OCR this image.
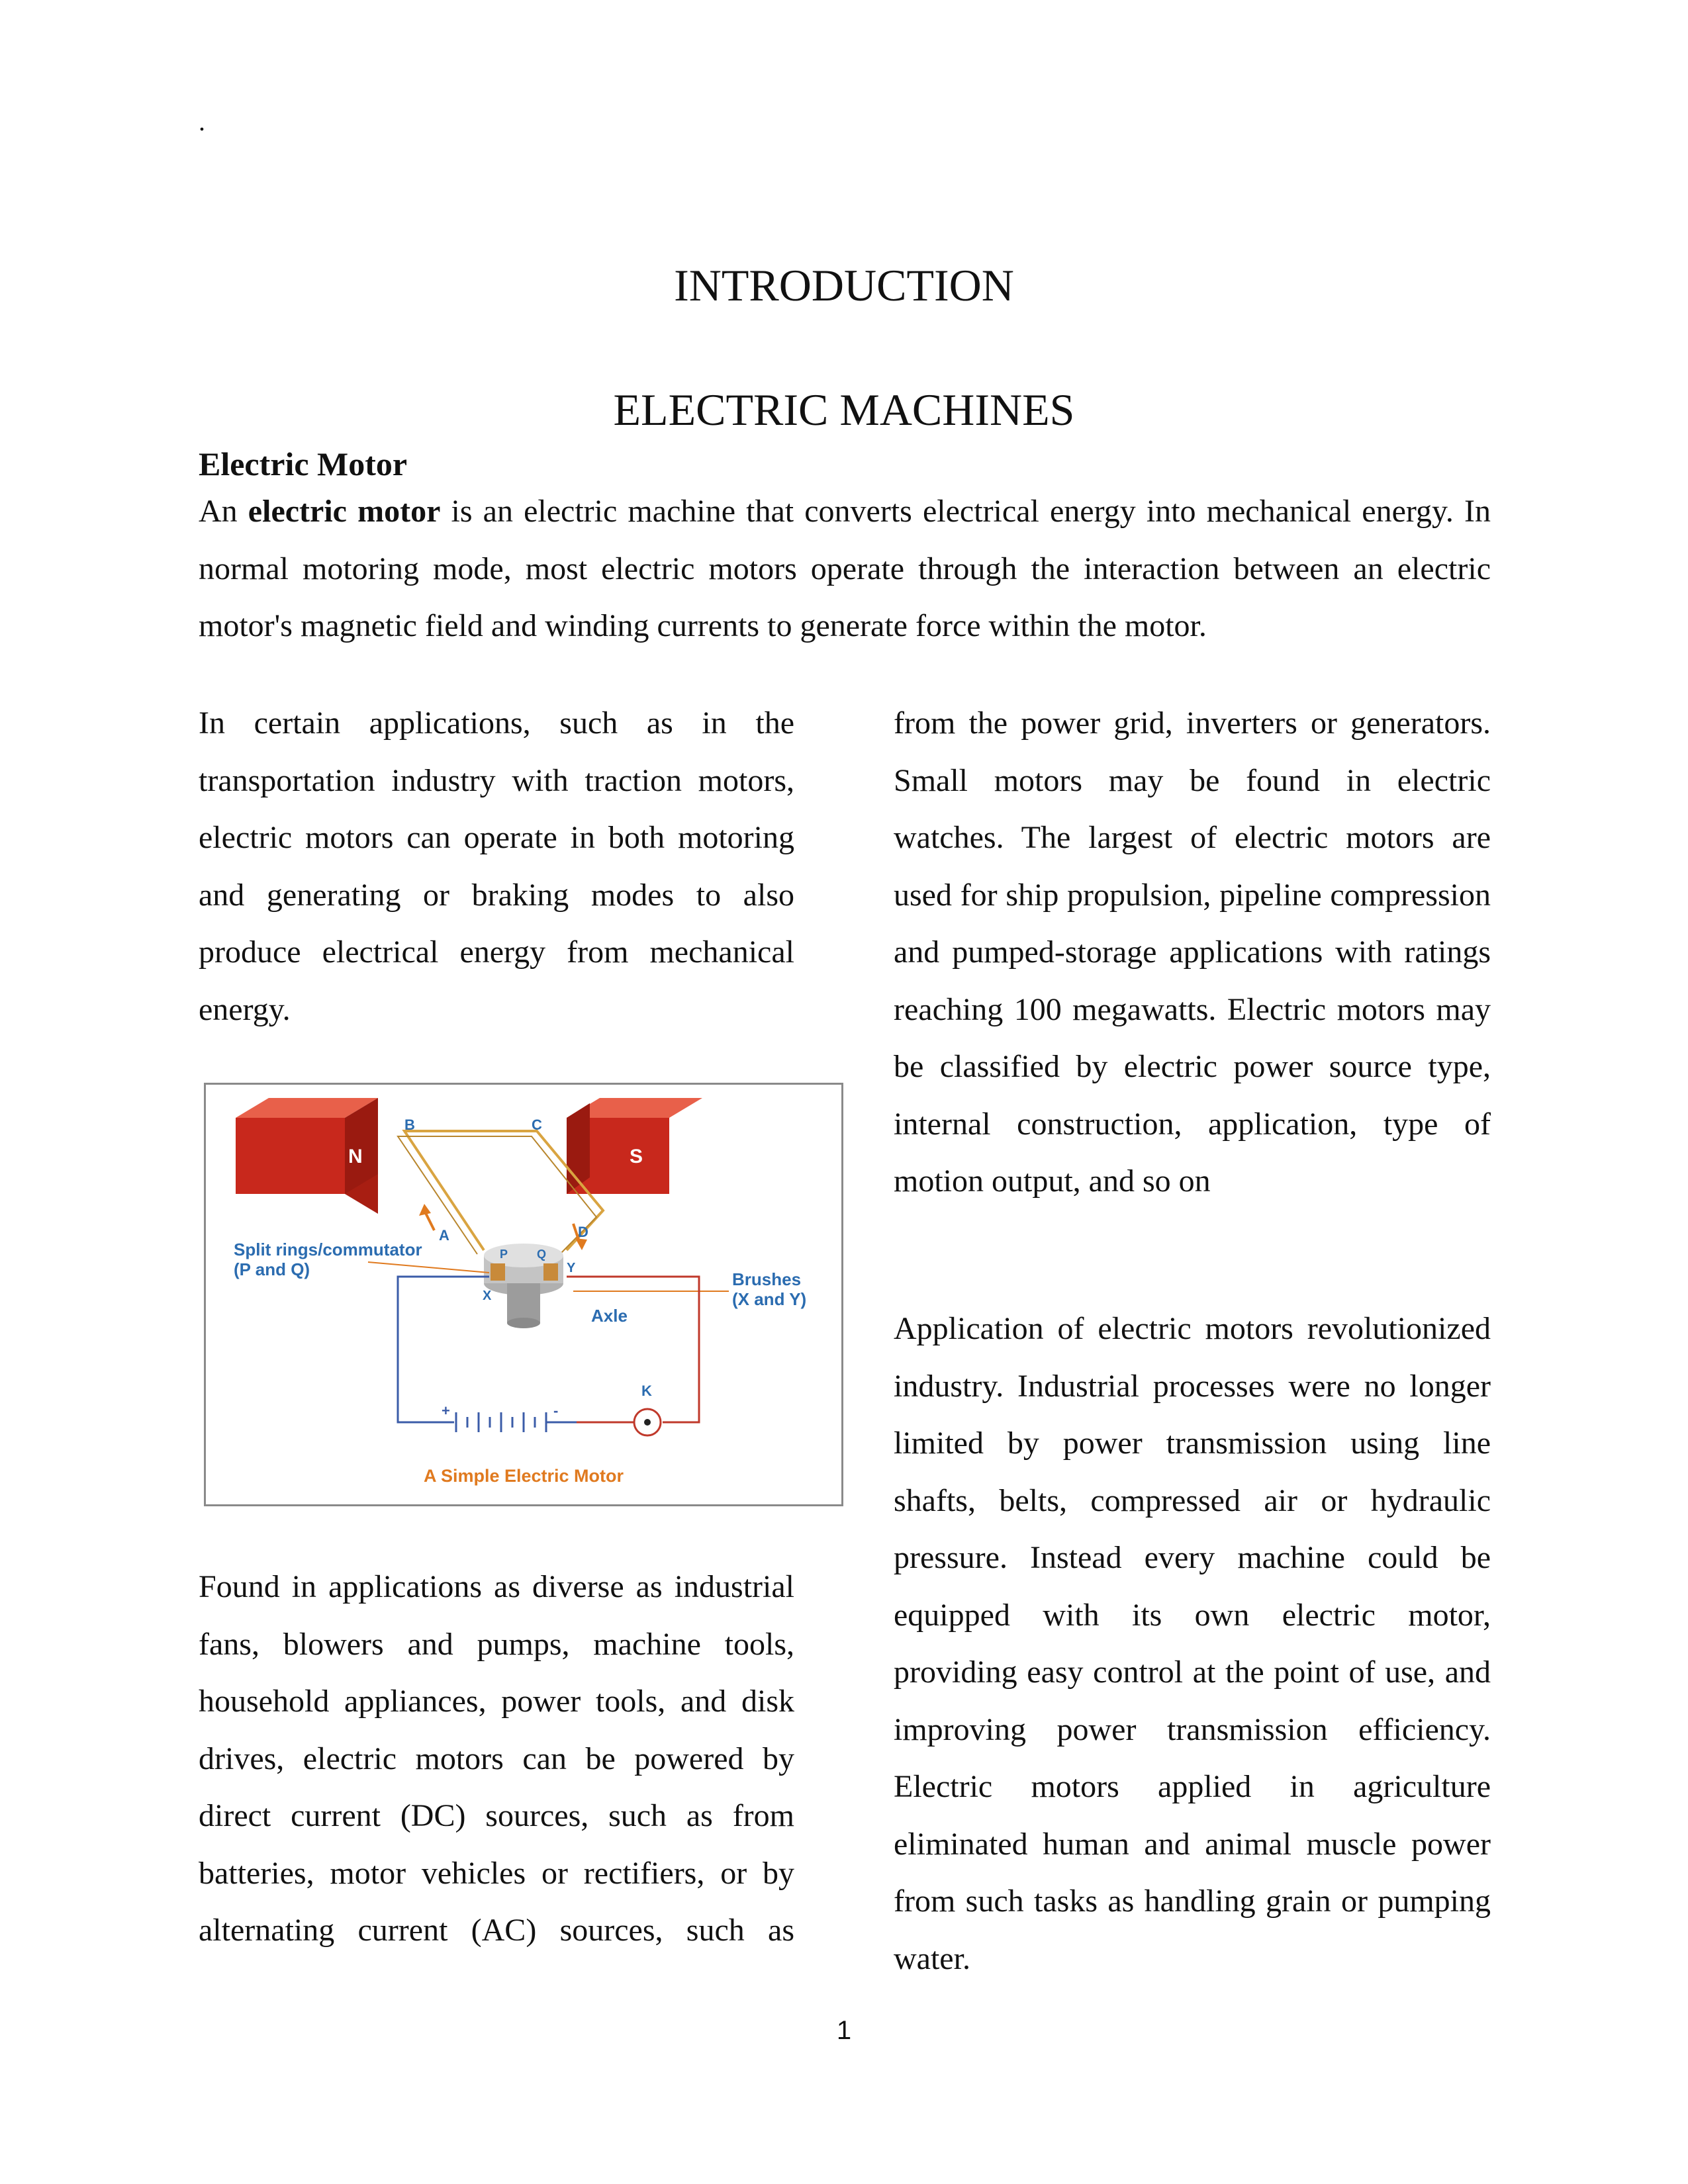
.
INTRODUCTION
ELECTRIC MACHINES
Electric Motor

An electric motor is an electric machine that converts electrical energy into mechanical energy. In normal motoring mode, most electric motors operate through the interaction between an electric motor's magnetic field and winding currents to generate force within the motor.

In certain applications, such as in the transportation industry with traction motors, electric motors can operate in both motoring and generating or braking modes to also produce electrical energy from mechanical energy.

N	S
B	C
A	D
P Q
X
Y
Split rings/commutator
(P and Q)	Brushes
(X and Y)
Axle
+	-
K
A Simple Electric Motor

Found in applications as diverse as industrial fans, blowers and pumps, machine tools, household appliances, power tools, and disk drives, electric motors can be powered by direct current (DC) sources, such as from batteries, motor vehicles or rectifiers, or by alternating current (AC) sources, such as

from the power grid, inverters or generators. Small motors may be found in electric watches. The largest of electric motors are used for ship propulsion, pipeline compression and pumped-storage applications with ratings reaching 100 megawatts. Electric motors may be classified by electric power source type, internal construction, application, type of motion output, and so on

Application of electric motors revolutionized industry. Industrial processes were no longer limited by power transmission using line shafts, belts, compressed air or hydraulic pressure. Instead every machine could be equipped with its own electric motor, providing easy control at the point of use, and improving power transmission efficiency. Electric motors applied in agriculture eliminated human and animal muscle power from such tasks as handling grain or pumping water.

1
